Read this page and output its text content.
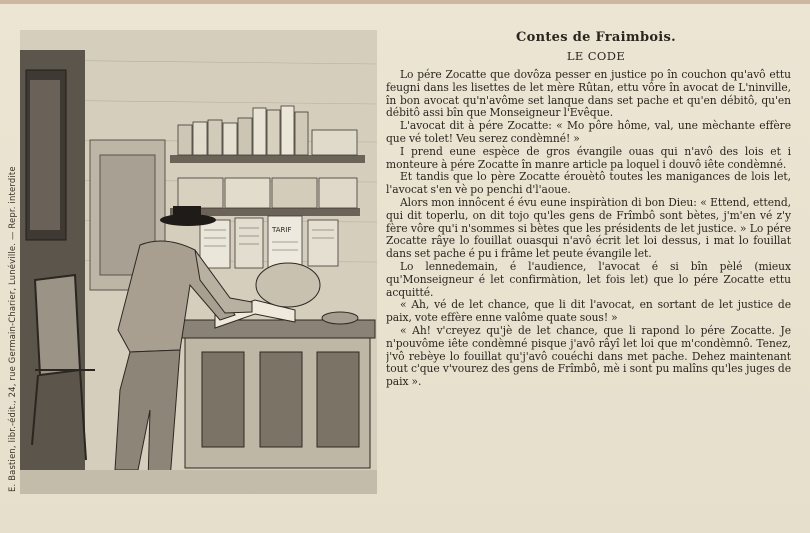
E. Bastien, libr.-édit., 24, rue Germain-Charier, Lunéville. — Repr. interdite	TARIF
Contes de Fraimbois.
LE CODE

Lo pére Zocatte que dovôza pesser en justice po în couchon qu'avô ettu feugni dans les lisettes de let mère Rûtan, ettu vôre în avocat de L'ninville, în bon avocat qu'n'avôme set lanque dans set pache et qu'en débitô, qu'en débitô assi bîn que Monseigneur l'Evêque.

L'avocat dit à pére Zocatte: « Mo pôre hôme, val, une mèchante effère que vé tolet! Veu serez condèmné! »

I prend eune espèce de gros évangile ouas qui n'avô des lois et i monteure à pére Zocatte în manre article pa loquel i douvô iête condèmné.

Et tandis que lo père Zocatte érouètô toutes les manigances de lois let, l'avocat s'en vè po penchi d'l'aoue.

Alors mon innôcent é évu eune inspiràtion di bon Dieu: « Ettend, ettend, qui dit toperlu, on dit tojo qu'les gens de Frîmbô sont bètes, j'm'en vé z'y fère vôre qu'i n'sommes si bètes que les présidents de let justice. » Lo pére Zocatte râye lo fouillat ouasqui n'avô écrit let loi dessus, i mat lo fouillat dans set pache é pu i frâme let peute évangile let.

Lo lennedemain, é l'audience, l'avocat é si bîn pèlé (mieux qu'Monseigneur é let confirmàtion, let fois let) que lo pére Zocatte ettu acquitté.

« Ah, vé de let chance, que li dit l'avocat, en sortant de let justice de paix, vote effère enne valôme quate sous! »

« Ah! v'creyez qu'jè de let chance, que li rapond lo pére Zocatte. Je n'pouvôme iête condèmné pisque j'avô râyî let loi que m'condèmnô. Tenez, j'vô rebèye lo fouillat qu'j'avô couéchi dans met pache. Dehez maintenant tout c'que v'vourez des gens de Frîmbô, mè i sont pu malîns qu'les juges de paix ».
